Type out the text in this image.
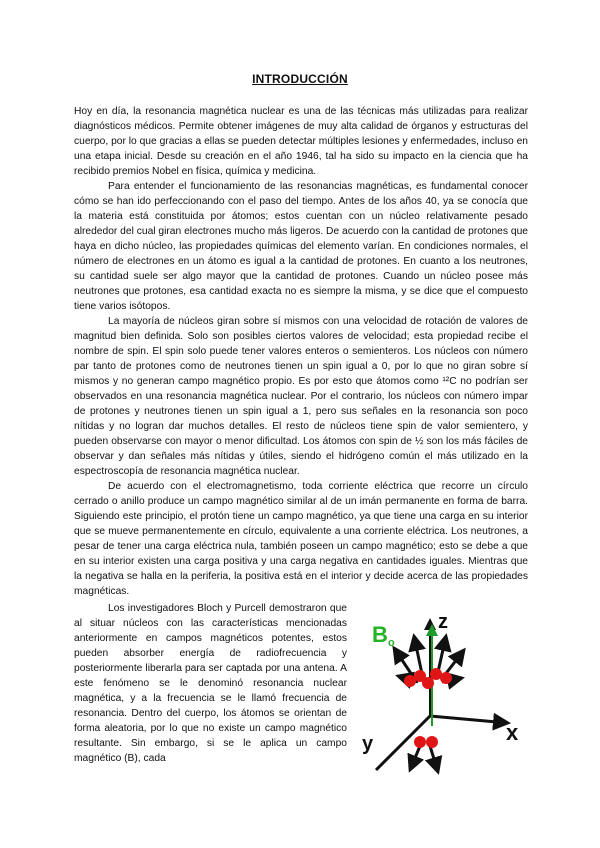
INTRODUCCIÓN

Hoy en día, la resonancia magnética nuclear es una de las técnicas más utilizadas para realizar diagnósticos médicos. Permite obtener imágenes de muy alta calidad de órganos y estructuras del cuerpo, por lo que gracias a ellas se pueden detectar múltiples lesiones y enfermedades, incluso en una etapa inicial. Desde su creación en el año 1946, tal ha sido su impacto en la ciencia que ha recibido premios Nobel en física, química y medicina.

Para entender el funcionamiento de las resonancias magnéticas, es fundamental conocer cómo se han ido perfeccionando con el paso del tiempo. Antes de los años 40, ya se conocía que la materia está constituida por átomos; estos cuentan con un núcleo relativamente pesado alrededor del cual giran electrones mucho más ligeros. De acuerdo con la cantidad de protones que haya en dicho núcleo, las propiedades químicas del elemento varían. En condiciones normales, el número de electrones en un átomo es igual a la cantidad de protones. En cuanto a los neutrones, su cantidad suele ser algo mayor que la cantidad de protones. Cuando un núcleo posee más neutrones que protones, esa cantidad exacta no es siempre la misma, y se dice que el compuesto tiene varios isótopos.

La mayoría de núcleos giran sobre sí mismos con una velocidad de rotación de valores de magnitud bien definida. Solo son posibles ciertos valores de velocidad; esta propiedad recibe el nombre de spin. El spin solo puede tener valores enteros o semienteros. Los núcleos con número par tanto de protones como de neutrones tienen un spin igual a 0, por lo que no giran sobre sí mismos y no generan campo magnético propio. Es por esto que átomos como ¹²C no podrían ser observados en una resonancia magnética nuclear. Por el contrario, los núcleos con número impar de protones y neutrones tienen un spin igual a 1, pero sus señales en la resonancia son poco nítidas y no logran dar muchos detalles. El resto de núcleos tiene spin de valor semientero, y pueden observarse con mayor o menor dificultad. Los átomos con spin de ½ son los más fáciles de observar y dan señales más nítidas y útiles, siendo el hidrógeno común el más utilizado en la espectroscopía de resonancia magnética nuclear.

De acuerdo con el electromagnetismo, toda corriente eléctrica que recorre un círculo cerrado o anillo produce un campo magnético similar al de un imán permanente en forma de barra. Siguiendo este principio, el protón tiene un campo magnético, ya que tiene una carga en su interior que se mueve permanentemente en círculo, equivalente a una corriente eléctrica. Los neutrones, a pesar de tener una carga eléctrica nula, también poseen un campo magnético; esto se debe a que en su interior existen una carga positiva y una carga negativa en cantidades iguales. Mientras que la negativa se halla en la periferia, la positiva está en el interior y decide acerca de las propiedades magnéticas.

Los investigadores Bloch y Purcell demostraron que al situar núcleos con las características mencionadas anteriormente en campos magnéticos potentes, estos pueden absorber energía de radiofrecuencia y posteriormente liberarla para ser captada por una antena. A este fenómeno se le denominó resonancia nuclear magnética, y a la frecuencia se le llamó frecuencia de resonancia. Dentro del cuerpo, los átomos se orientan de forma aleatoria, por lo que no existe un campo magnético resultante. Sin embargo, si se le aplica un campo magnético (B), cada

B o
z
x
y
